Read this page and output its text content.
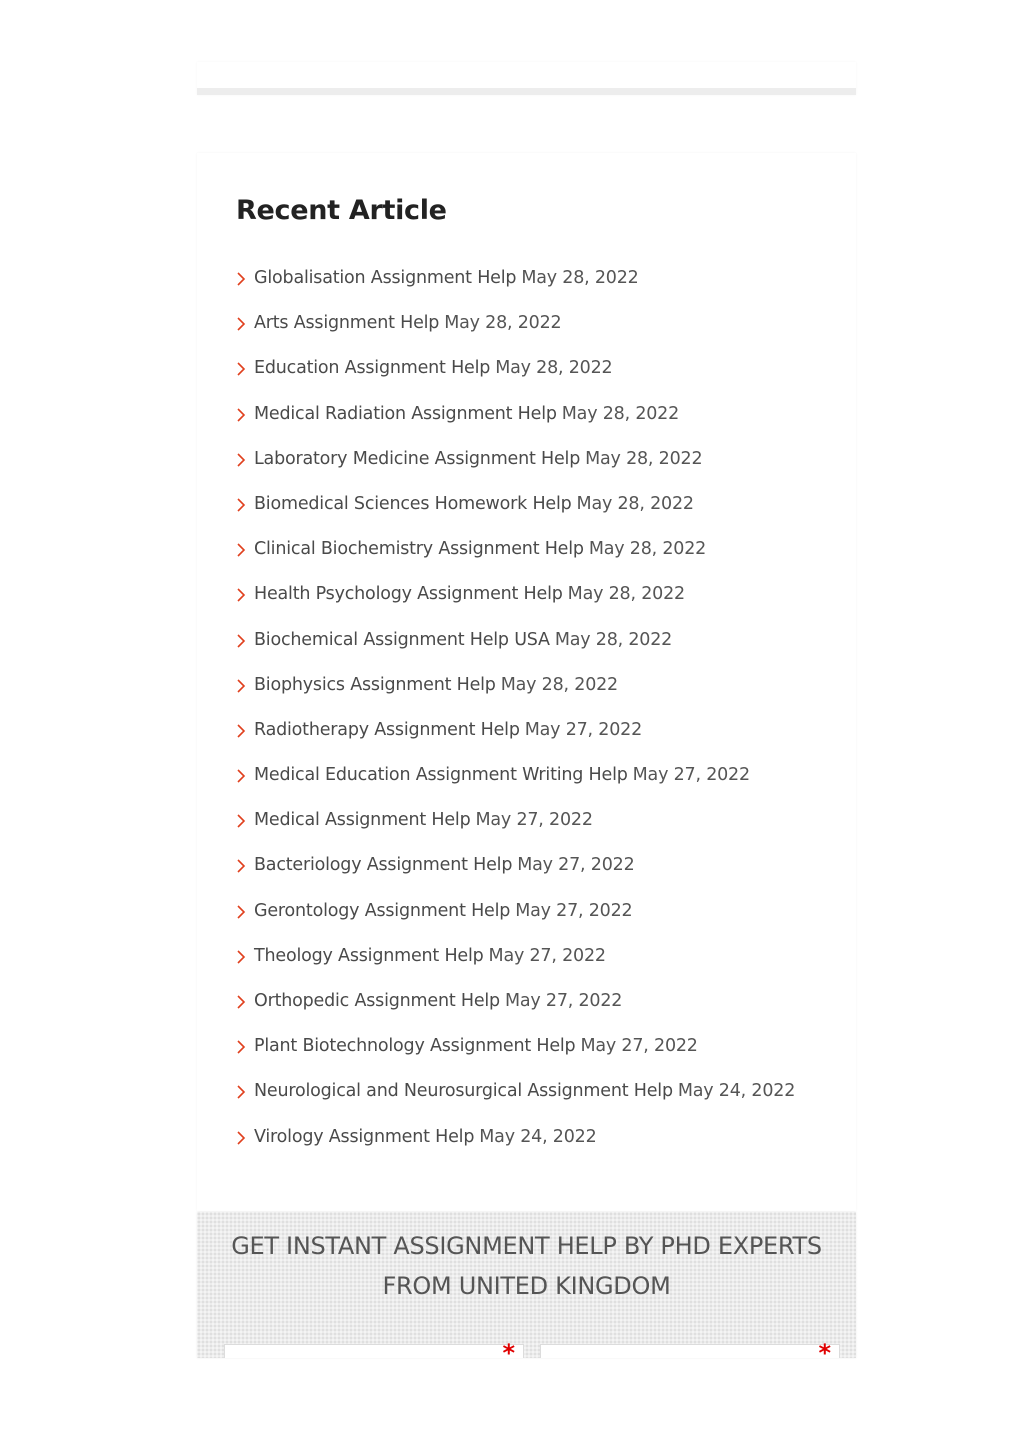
Recent Article
Globalisation Assignment Help May 28, 2022
Arts Assignment Help May 28, 2022
Education Assignment Help May 28, 2022
Medical Radiation Assignment Help May 28, 2022
Laboratory Medicine Assignment Help May 28, 2022
Biomedical Sciences Homework Help May 28, 2022
Clinical Biochemistry Assignment Help May 28, 2022
Health Psychology Assignment Help May 28, 2022
Biochemical Assignment Help USA May 28, 2022
Biophysics Assignment Help May 28, 2022
Radiotherapy Assignment Help May 27, 2022
Medical Education Assignment Writing Help May 27, 2022
Medical Assignment Help May 27, 2022
Bacteriology Assignment Help May 27, 2022
Gerontology Assignment Help May 27, 2022
Theology Assignment Help May 27, 2022
Orthopedic Assignment Help May 27, 2022
Plant Biotechnology Assignment Help May 27, 2022
Neurological and Neurosurgical Assignment Help May 24, 2022
Virology Assignment Help May 24, 2022
GET INSTANT ASSIGNMENT HELP BY PHD EXPERTS
FROM UNITED KINGDOM
*	*
